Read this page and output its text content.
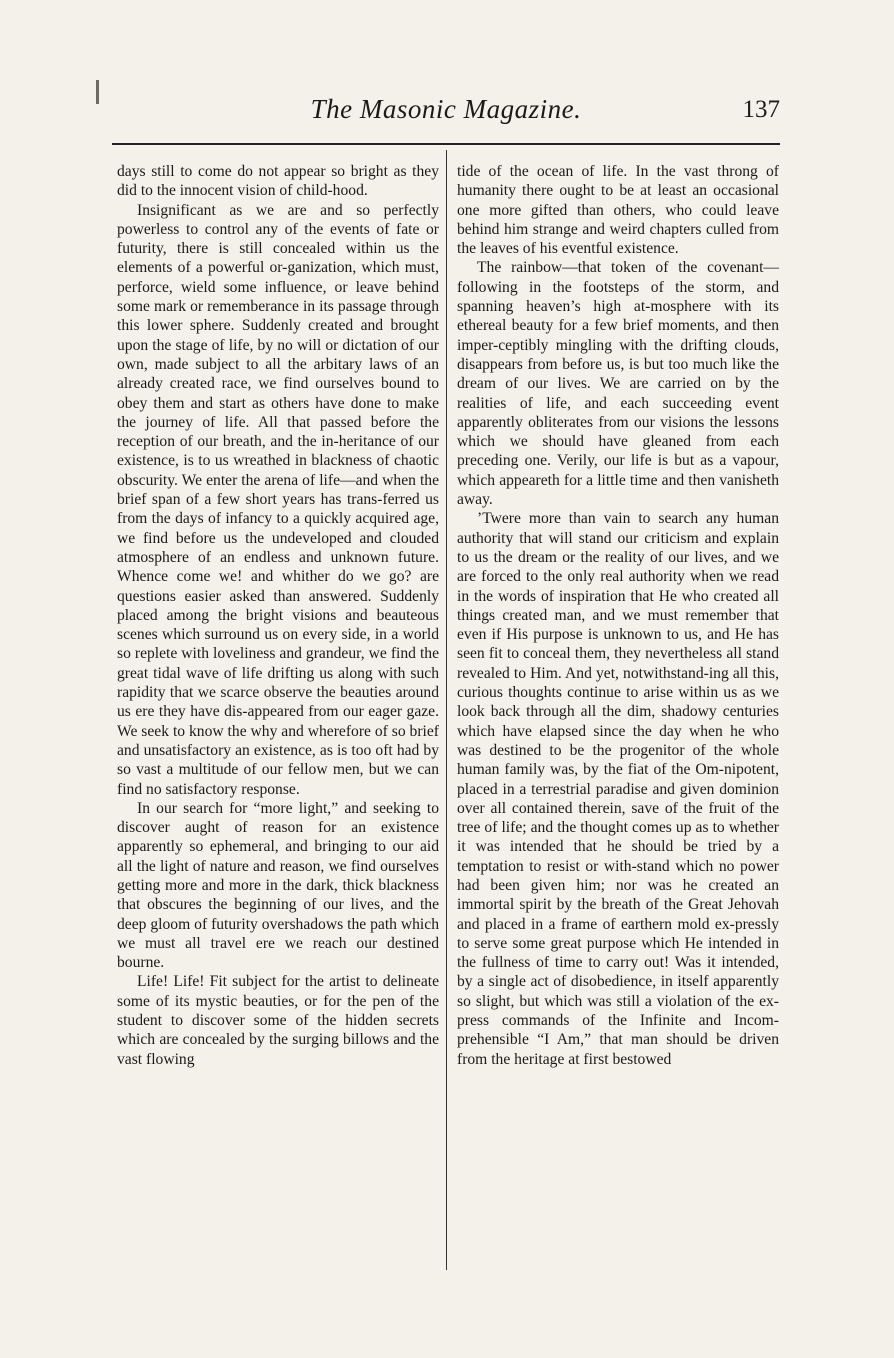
The Masonic Magazine.	137

days still to come do not appear so bright as they did to the innocent vision of child-hood.

Insignificant as we are and so perfectly powerless to control any of the events of fate or futurity, there is still concealed within us the elements of a powerful or-ganization, which must, perforce, wield some influence, or leave behind some mark or rememberance in its passage through this lower sphere. Suddenly created and brought upon the stage of life, by no will or dictation of our own, made subject to all the arbitary laws of an already created race, we find ourselves bound to obey them and start as others have done to make the journey of life. All that passed before the reception of our breath, and the in-heritance of our existence, is to us wreathed in blackness of chaotic obscurity. We enter the arena of life—and when the brief span of a few short years has trans-ferred us from the days of infancy to a quickly acquired age, we find before us the undeveloped and clouded atmosphere of an endless and unknown future. Whence come we! and whither do we go? are questions easier asked than answered. Suddenly placed among the bright visions and beauteous scenes which surround us on every side, in a world so replete with loveliness and grandeur, we find the great tidal wave of life drifting us along with such rapidity that we scarce observe the beauties around us ere they have dis-appeared from our eager gaze. We seek to know the why and wherefore of so brief and unsatisfactory an existence, as is too oft had by so vast a multitude of our fellow men, but we can find no satisfactory response.

In our search for “more light,” and seeking to discover aught of reason for an existence apparently so ephemeral, and bringing to our aid all the light of nature and reason, we find ourselves getting more and more in the dark, thick blackness that obscures the beginning of our lives, and the deep gloom of futurity overshadows the path which we must all travel ere we reach our destined bourne.

Life! Life! Fit subject for the artist to delineate some of its mystic beauties, or for the pen of the student to discover some of the hidden secrets which are concealed by the surging billows and the vast flowing

tide of the ocean of life. In the vast throng of humanity there ought to be at least an occasional one more gifted than others, who could leave behind him strange and weird chapters culled from the leaves of his eventful existence.

The rainbow—that token of the covenant—following in the footsteps of the storm, and spanning heaven’s high at-mosphere with its ethereal beauty for a few brief moments, and then imper-ceptibly mingling with the drifting clouds, disappears from before us, is but too much like the dream of our lives. We are carried on by the realities of life, and each succeeding event apparently obliterates from our visions the lessons which we should have gleaned from each preceding one. Verily, our life is but as a vapour, which appeareth for a little time and then vanisheth away.

’Twere more than vain to search any human authority that will stand our criticism and explain to us the dream or the reality of our lives, and we are forced to the only real authority when we read in the words of inspiration that He who created all things created man, and we must remember that even if His purpose is unknown to us, and He has seen fit to conceal them, they nevertheless all stand revealed to Him. And yet, notwithstand-ing all this, curious thoughts continue to arise within us as we look back through all the dim, shadowy centuries which have elapsed since the day when he who was destined to be the progenitor of the whole human family was, by the fiat of the Om-nipotent, placed in a terrestrial paradise and given dominion over all contained therein, save of the fruit of the tree of life; and the thought comes up as to whether it was intended that he should be tried by a temptation to resist or with-stand which no power had been given him; nor was he created an immortal spirit by the breath of the Great Jehovah and placed in a frame of earthern mold ex-pressly to serve some great purpose which He intended in the fullness of time to carry out! Was it intended, by a single act of disobedience, in itself apparently so slight, but which was still a violation of the ex-press commands of the Infinite and Incom-prehensible “I Am,” that man should be driven from the heritage at first bestowed
